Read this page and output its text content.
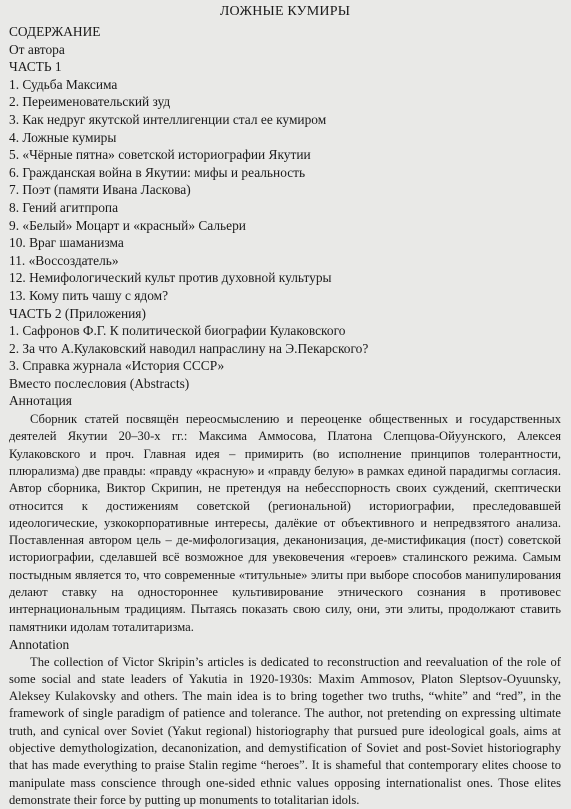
ЛОЖНЫЕ КУМИРЫ
СОДЕРЖАНИЕ
От автора
ЧАСТЬ 1
1. Судьба Максима
2. Переименовательский зуд
3. Как недруг якутской интеллигенции стал ее кумиром
4. Ложные кумиры
5. «Чёрные пятна» советской историографии Якутии
6. Гражданская война в Якутии: мифы и реальность
7. Поэт (памяти Ивана Ласкова)
8. Гений агитпропа
9. «Белый» Моцарт и «красный» Сальери
10. Враг шаманизма
11. «Воссоздатель»
12. Немифологический культ против духовной культуры
13. Кому пить чашу с ядом?
ЧАСТЬ 2 (Приложения)
1. Сафронов Ф.Г. К политической биографии Кулаковского
2. За что А.Кулаковский наводил напраслину на Э.Пекарского?
3. Справка журнала «История СССР»
Вместо послесловия (Abstracts)
Аннотация

Сборник статей посвящён переосмыслению и переоценке общественных и государственных деятелей Якутии 20–30-х гг.: Максима Аммосова, Платона Слепцова-Ойуунского, Алексея Кулаковского и проч. Главная идея – примирить (во исполнение принципов толерантности, плюрализма) две правды: «правду «красную» и «правду белую» в рамках единой парадигмы согласия. Автор сборника, Виктор Скрипин, не претендуя на небесспорность своих суждений, скептически относится к достижениям советской (региональной) историографии, преследовавшей идеологические, узкокорпоративные интересы, далёкие от объективного и непредвзятого анализа. Поставленная автором цель – де-мифологизация, деканонизация, де-мистификация (пост) советской историографии, сделавшей всё возможное для увековечения «героев» сталинского режима. Самым постыдным является то, что современные «титульные» элиты при выборе способов манипулирования делают ставку на одностороннее культивирование этнического сознания в противовес интернациональным традициям. Пытаясь показать свою силу, они, эти элиты, продолжают ставить памятники идолам тоталитаризма.

Annotation

The collection of Victor Skripin’s articles is dedicated to reconstruction and reevaluation of the role of some social and state leaders of Yakutia in 1920-1930s: Maxim Ammosov, Platon Sleptsov-Oyuunsky, Aleksey Kulakovsky and others. The main idea is to bring together two truths, “white” and “red”, in the framework of single paradigm of patience and tolerance. The author, not pretending on expressing ultimate truth, and cynical over Soviet (Yakut regional) historiography that pursued pure ideological goals, aims at objective demythologization, decanonization, and demystification of Soviet and post-Soviet historiography that has made everything to praise Stalin regime “heroes”. It is shameful that contemporary elites choose to manipulate mass conscience through one-sided ethnic values opposing internationalist ones. Those elites demonstrate their force by putting up monuments to totalitarian idols.
